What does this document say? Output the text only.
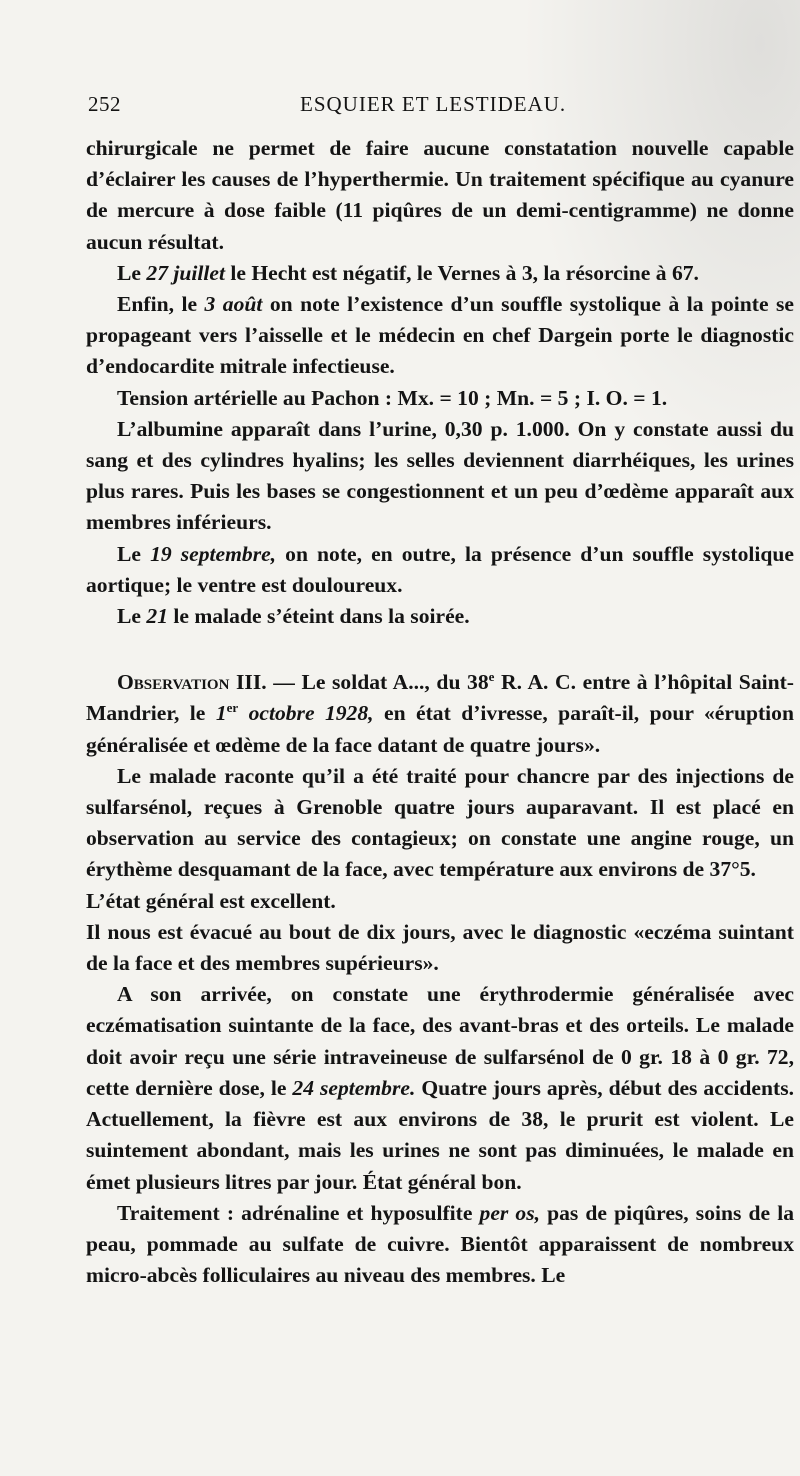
252	ESQUIER ET LESTIDEAU.

chirurgicale ne permet de faire aucune constatation nouvelle capable d’éclairer les causes de l’hyperthermie. Un traitement spécifique au cyanure de mercure à dose faible (11 piqûres de un demi-centigramme) ne donne aucun résultat.

Le 27 juillet le Hecht est négatif, le Vernes à 3, la résorcine à 67.

Enfin, le 3 août on note l’existence d’un souffle systolique à la pointe se propageant vers l’aisselle et le médecin en chef Dargein porte le diagnostic d’endocardite mitrale infectieuse.

Tension artérielle au Pachon : Mx. = 10 ; Mn. = 5 ; I. O. = 1.

L’albumine apparaît dans l’urine, 0,30 p. 1.000. On y constate aussi du sang et des cylindres hyalins; les selles deviennent diarrhéiques, les urines plus rares. Puis les bases se congestionnent et un peu d’œdème apparaît aux membres inférieurs.

Le 19 septembre, on note, en outre, la présence d’un souffle systolique aortique; le ventre est douloureux.

Le 21 le malade s’éteint dans la soirée.

Observation III. — Le soldat A..., du 38e R. A. C. entre à l’hôpital Saint-Mandrier, le 1er octobre 1928, en état d’ivresse, paraît-il, pour «éruption généralisée et œdème de la face datant de quatre jours».

Le malade raconte qu’il a été traité pour chancre par des injections de sulfarsénol, reçues à Grenoble quatre jours auparavant. Il est placé en observation au service des contagieux; on constate une angine rouge, un érythème desquamant de la face, avec température aux environs de 37°5.

L’état général est excellent.

Il nous est évacué au bout de dix jours, avec le diagnostic «eczéma suintant de la face et des membres supérieurs».

A son arrivée, on constate une érythrodermie généralisée avec eczématisation suintante de la face, des avant-bras et des orteils. Le malade doit avoir reçu une série intraveineuse de sulfarsénol de 0 gr. 18 à 0 gr. 72, cette dernière dose, le 24 septembre. Quatre jours après, début des accidents. Actuellement, la fièvre est aux environs de 38, le prurit est violent. Le suintement abondant, mais les urines ne sont pas diminuées, le malade en émet plusieurs litres par jour. État général bon.

Traitement : adrénaline et hyposulfite per os, pas de piqûres, soins de la peau, pommade au sulfate de cuivre. Bientôt apparaissent de nombreux micro-abcès folliculaires au niveau des membres. Le
